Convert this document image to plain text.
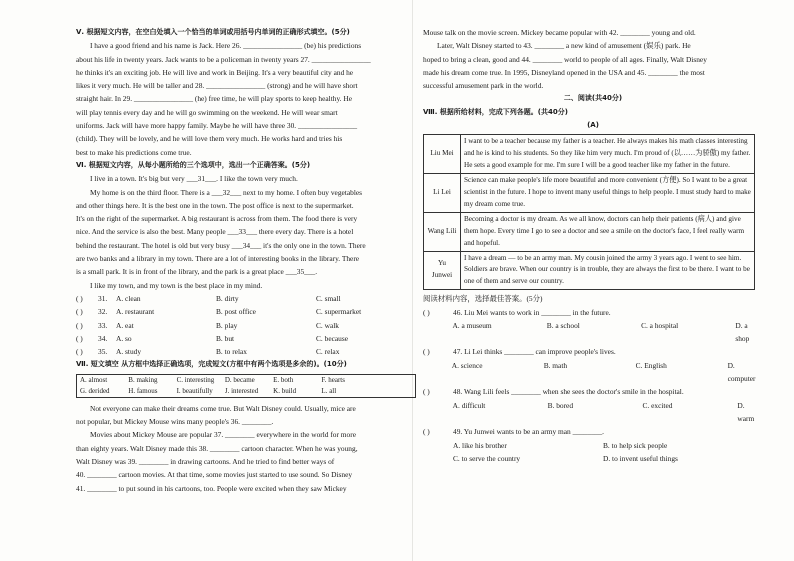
Ⅴ. 根据短文内容，在空白处填入一个恰当的单词或用括号内单词的正确形式填空。(5分)

I have a good friend and his name is Jack. Here 26. ________________ (be) his predictions

about his life in twenty years. Jack wants to be a policeman in twenty years 27. ________________

he thinks it's an exciting job. He will live and work in Beijing. It's a very beautiful city and he

likes it very much. He will be taller and 28. ________________ (strong) and he will have short

straight hair. In 29. ________________ (he) free time, he will play sports to keep healthy. He

will play tennis every day and he will go swimming on the weekend. He will wear smart

uniforms. Jack will have more happy family. Maybe he will have three 30. ________________

(child). They will be lovely, and he will love them very much. He works hard and tries his

best to make his predictions come true.

Ⅵ. 根据短文内容，从每小题所给的三个选项中，选出一个正确答案。(5分)

I live in a town. It's big but very ___31___. I like the town very much.

My home is on the third floor. There is a ___32___ next to my home. I often buy vegetables

and other things here. It is the best one in the town. The post office is next to the supermarket.

It's on the right of the supermarket. A big restaurant is across from them. The food there is very

nice. And the service is also the best. Many people ___33___ there every day. There is a hotel

behind the restaurant. The hotel is old but very busy ___34___ it's the only one in the town. There

are two banks and a library in my town. There are a lot of interesting books in the library. There

is a small park. It is in front of the library, and the park is a great place ___35___.

I like my town, and my town is the best place in my mind.

( )	31.	A. clean	B. dirty	C. small
( )	32.	A. restaurant	B. post office	C. supermarket
( )	33.	A. eat	B. play	C. walk
( )	34.	A. so	B. but	C. because
( )	35.	A. study	B. to relax	C. relax

Ⅶ. 短文填空 从方框中选择正确选项，完成短文(方框中有两个选项是多余的)。(10分)

A. almost	B. making	C. interesting	D. became	E. both	F. hearts
G. derided	H. famous	I. beautifully	J. interested	K. build	L. all

Not everyone can make their dreams come true. But Walt Disney could. Usually, mice are

not popular, but Mickey Mouse wins many people's 36. ________.

Movies about Mickey Mouse are popular 37. ________ everywhere in the world for more

than eighty years. Walt Disney made this 38. ________ cartoon character. When he was young,

Walt Disney was 39. ________ in drawing cartoons. And he tried to find better ways of

40. ________ cartoon movies. At that time, some movies just started to use sound. So Disney

41. ________ to put sound in his cartoons, too. People were excited when they saw Mickey

Mouse talk on the movie screen. Mickey became popular with 42. ________ young and old.

Later, Walt Disney started to 43. ________ a new kind of amusement (娱乐) park. He

hoped to bring a clean, good and 44. ________ world to people of all ages. Finally, Walt Disney

made his dream come true. In 1995, Disneyland opened in the USA and 45. ________ the most

successful amusement park in the world.

二、阅读(共40分)

Ⅷ. 根据所给材料，完成下列各题。(共40分)

(A)

Liu Mei	I want to be a teacher because my father is a teacher. He always makes his math classes interesting and he is kind to his students. So they like him very much. I'm proud of (以……为骄傲) my father. He sets a good example for me. I'm sure I will be a good teacher like my father in the future.
Li Lei	Science can make people's life more beautiful and more convenient (方便). So I want to be a great scientist in the future. I hope to invent many useful things to help people. I must study hard to make my dream come true.
Wang Lili	Becoming a doctor is my dream. As we all know, doctors can help their patients (病人) and give them hope. Every time I go to see a doctor and see a smile on the doctor's face, I feel really warm and hopeful.
Yu Junwei	I have a dream — to be an army man. My cousin joined the army 3 years ago. I went to see him. Soldiers are brave. When our country is in trouble, they are always the first to be there. I want to be one of them and serve our country.

阅读材料内容，选择最佳答案。(5分)

( )	46. Liu Mei wants to work in ________ in the future.
A. a museum	B. a school	C. a hospital	D. a shop
( )	47. Li Lei thinks ________ can improve people's lives.
A. science	B. math	C. English	D. computer
( )	48. Wang Lili feels ________ when she sees the doctor's smile in the hospital.
A. difficult	B. bored	C. excited	D. warm
( )	49. Yu Junwei wants to be an army man ________.
A. like his brother	B. to help sick people
C. to serve the country	D. to invent useful things
